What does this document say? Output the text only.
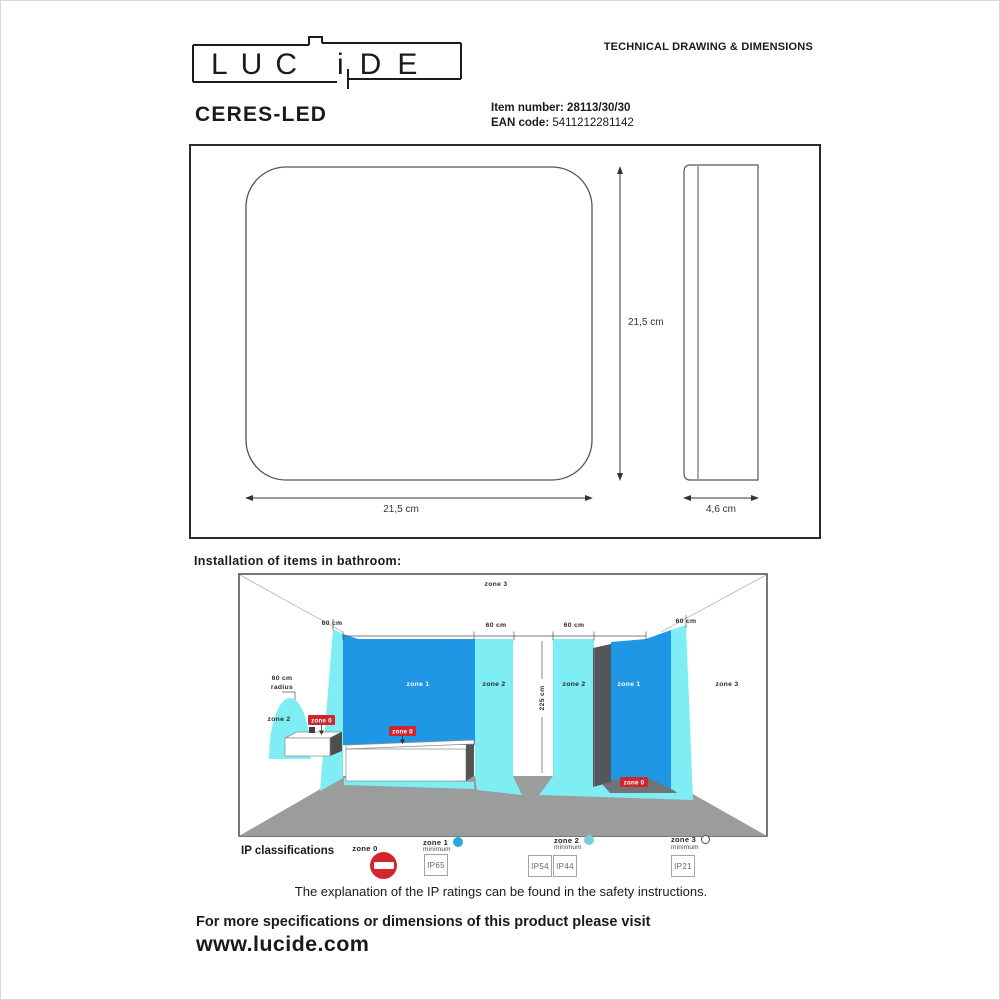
LUC iDE
TECHNICAL DRAWING & DIMENSIONS
CERES-LED	Item number: 28113/30/30
EAN code: 5411212281142
21,5 cm
21,5 cm	4,6 cm
Installation of items in bathroom:
zone 3
60 cm	60 cm	60 cm
60 cm
225 cm
60 cm
radius
zone 2
zone 1	zone 2	zone 2	zone 1	zone 3
zone 0
zone 0
zone 0
IP classifications	zone 0
zone 1
minimum
IP65
zone 2
minimum
IP54 IP44
zone 3
minimum
IP21
The explanation of the IP ratings can be found in the safety instructions.
For more specifications or dimensions of this product please visit
www.lucide.com
